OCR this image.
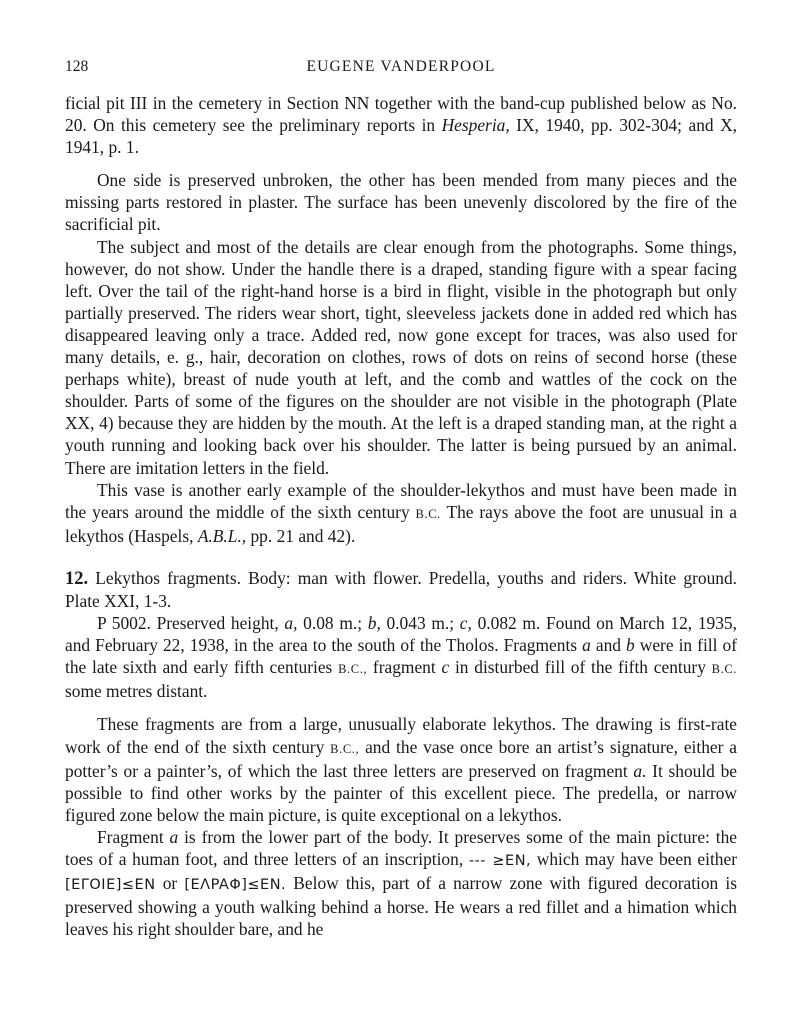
128	EUGENE VANDERPOOL

ficial pit III in the cemetery in Section NN together with the band-cup published below as No. 20. On this cemetery see the preliminary reports in Hesperia, IX, 1940, pp. 302-304; and X, 1941, p. 1.

One side is preserved unbroken, the other has been mended from many pieces and the missing parts restored in plaster. The surface has been unevenly discolored by the fire of the sacrificial pit.

The subject and most of the details are clear enough from the photographs. Some things, however, do not show. Under the handle there is a draped, standing figure with a spear facing left. Over the tail of the right-hand horse is a bird in flight, visible in the photograph but only partially preserved. The riders wear short, tight, sleeveless jackets done in added red which has disappeared leaving only a trace. Added red, now gone except for traces, was also used for many details, e. g., hair, decoration on clothes, rows of dots on reins of second horse (these perhaps white), breast of nude youth at left, and the comb and wattles of the cock on the shoulder. Parts of some of the figures on the shoulder are not visible in the photograph (Plate XX, 4) because they are hidden by the mouth. At the left is a draped standing man, at the right a youth running and looking back over his shoulder. The latter is being pursued by an animal. There are imitation letters in the field.

This vase is another early example of the shoulder-lekythos and must have been made in the years around the middle of the sixth century B.C. The rays above the foot are unusual in a lekythos (Haspels, A.B.L., pp. 21 and 42).

12. Lekythos fragments. Body: man with flower. Predella, youths and riders. White ground. Plate XXI, 1-3.

P 5002. Preserved height, a, 0.08 m.; b, 0.043 m.; c, 0.082 m. Found on March 12, 1935, and February 22, 1938, in the area to the south of the Tholos. Fragments a and b were in fill of the late sixth and early fifth centuries B.C., fragment c in disturbed fill of the fifth century B.C. some metres distant.

These fragments are from a large, unusually elaborate lekythos. The drawing is first-rate work of the end of the sixth century B.C., and the vase once bore an artist’s signature, either a potter’s or a painter’s, of which the last three letters are preserved on fragment a. It should be possible to find other works by the painter of this excellent piece. The predella, or narrow figured zone below the main picture, is quite exceptional on a lekythos.

Fragment a is from the lower part of the body. It preserves some of the main picture: the toes of a human foot, and three letters of an inscription, --- ≥EN, which may have been either [EΓOIE]≤EN or [EΛPAΦ]≤EN. Below this, part of a narrow zone with figured decoration is preserved showing a youth walking behind a horse. He wears a red fillet and a himation which leaves his right shoulder bare, and he
